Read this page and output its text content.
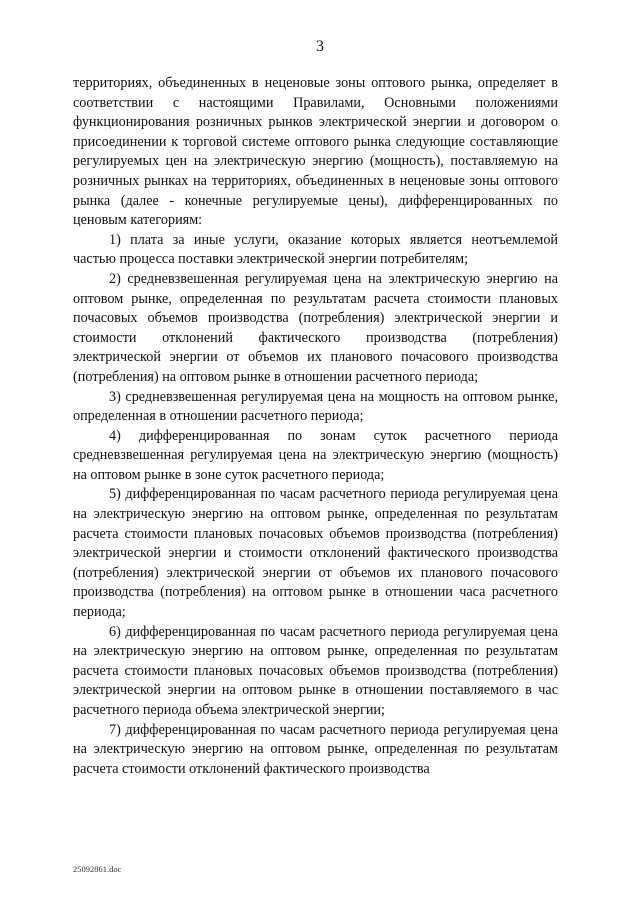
3

территориях, объединенных в неценовые зоны оптового рынка, определяет в соответствии с настоящими Правилами, Основными положениями функционирования розничных рынков электрической энергии и договором о присоединении к торговой системе оптового рынка следующие составляющие регулируемых цен на электрическую энергию (мощность), поставляемую на розничных рынках на территориях, объединенных в неценовые зоны оптового рынка (далее - конечные регулируемые цены), дифференцированных по ценовым категориям:

1) плата за иные услуги, оказание которых является неотъемлемой частью процесса поставки электрической энергии потребителям;

2) средневзвешенная регулируемая цена на электрическую энергию на оптовом рынке, определенная по результатам расчета стоимости плановых почасовых объемов производства (потребления) электрической энергии и стоимости отклонений фактического производства (потребления) электрической энергии от объемов их планового почасового производства (потребления) на оптовом рынке в отношении расчетного периода;

3) средневзвешенная регулируемая цена на мощность на оптовом рынке, определенная в отношении расчетного периода;

4) дифференцированная по зонам суток расчетного периода средневзвешенная регулируемая цена на электрическую энергию (мощность) на оптовом рынке в зоне суток расчетного периода;

5) дифференцированная по часам расчетного периода регулируемая цена на электрическую энергию на оптовом рынке, определенная по результатам расчета стоимости плановых почасовых объемов производства (потребления) электрической энергии и стоимости отклонений фактического производства (потребления) электрической энергии от объемов их планового почасового производства (потребления) на оптовом рынке в отношении часа расчетного периода;

6) дифференцированная по часам расчетного периода регулируемая цена на электрическую энергию на оптовом рынке, определенная по результатам расчета стоимости плановых почасовых объемов производства (потребления) электрической энергии на оптовом рынке в отношении поставляемого в час расчетного периода объема электрической энергии;

7) дифференцированная по часам расчетного периода регулируемая цена на электрическую энергию на оптовом рынке, определенная по результатам расчета стоимости отклонений фактического производства

25092861.doc
